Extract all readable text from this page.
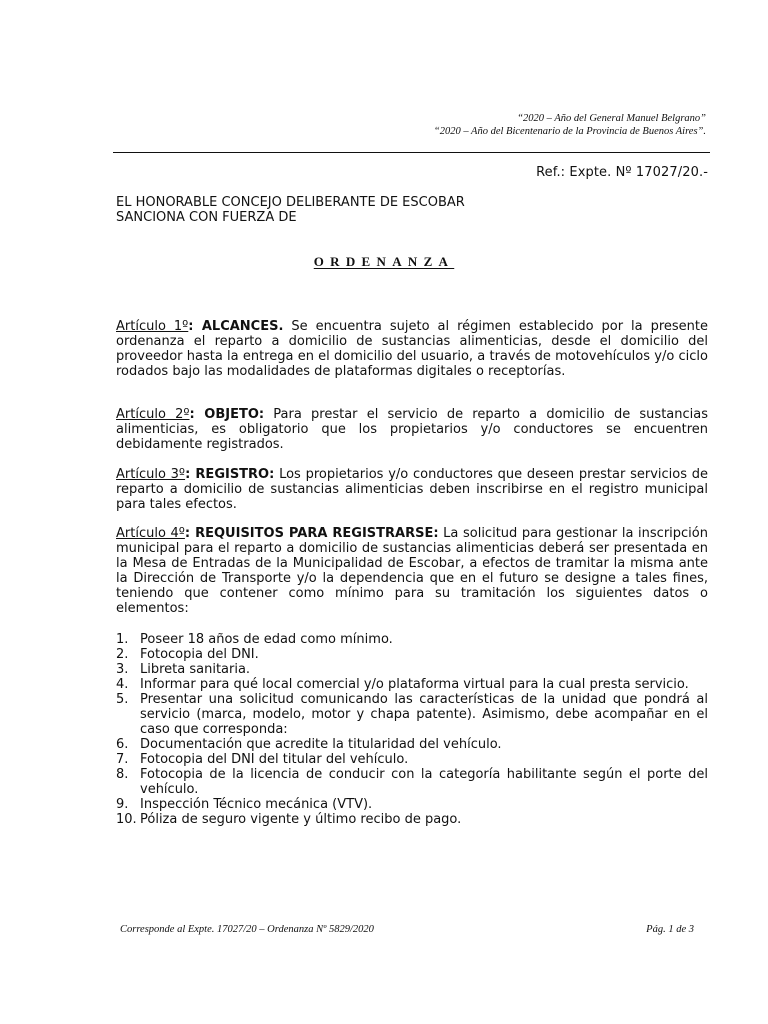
“2020 – Año del General Manuel Belgrano”
“2020 – Año del Bicentenario de la Provincia de Buenos Aires”.
Ref.: Expte. Nº 17027/20.-
EL HONORABLE CONCEJO DELIBERANTE DE ESCOBAR
SANCIONA CON FUERZA DE
ORDENANZA
Artículo 1º: ALCANCES. Se encuentra sujeto al régimen establecido por la presente ordenanza el reparto a domicilio de sustancias alimenticias, desde el domicilio del proveedor hasta la entrega en el domicilio del usuario, a través de motovehículos y/o ciclo rodados bajo las modalidades de plataformas digitales o receptorías.
Artículo 2º: OBJETO: Para prestar el servicio de reparto a domicilio de sustancias alimenticias, es obligatorio que los propietarios y/o conductores se encuentren debidamente registrados.
Artículo 3º: REGISTRO: Los propietarios y/o conductores que deseen prestar servicios de reparto a domicilio de sustancias alimenticias deben inscribirse en el registro municipal para tales efectos.
Artículo 4º: REQUISITOS PARA REGISTRARSE: La solicitud para gestionar la inscripción municipal para el reparto a domicilio de sustancias alimenticias deberá ser presentada en la Mesa de Entradas de la Municipalidad de Escobar, a efectos de tramitar la misma ante la Dirección de Transporte y/o la dependencia que en el futuro se designe a tales fines, teniendo que contener como mínimo para su tramitación los siguientes datos o elementos:
1. Poseer 18 años de edad como mínimo.
2. Fotocopia del DNI.
3. Libreta sanitaria.
4. Informar para qué local comercial y/o plataforma virtual para la cual presta servicio.
5. Presentar una solicitud comunicando las características de la unidad que pondrá al servicio (marca, modelo, motor y chapa patente). Asimismo, debe acompañar en el caso que corresponda:
6. Documentación que acredite la titularidad del vehículo.
7. Fotocopia del DNI del titular del vehículo.
8. Fotocopia de la licencia de conducir con la categoría habilitante según el porte del vehículo.
9. Inspección Técnico mecánica (VTV).
10. Póliza de seguro vigente y último recibo de pago.
Corresponde al Expte. 17027/20 – Ordenanza Nº 5829/2020	Pág. 1 de 3
